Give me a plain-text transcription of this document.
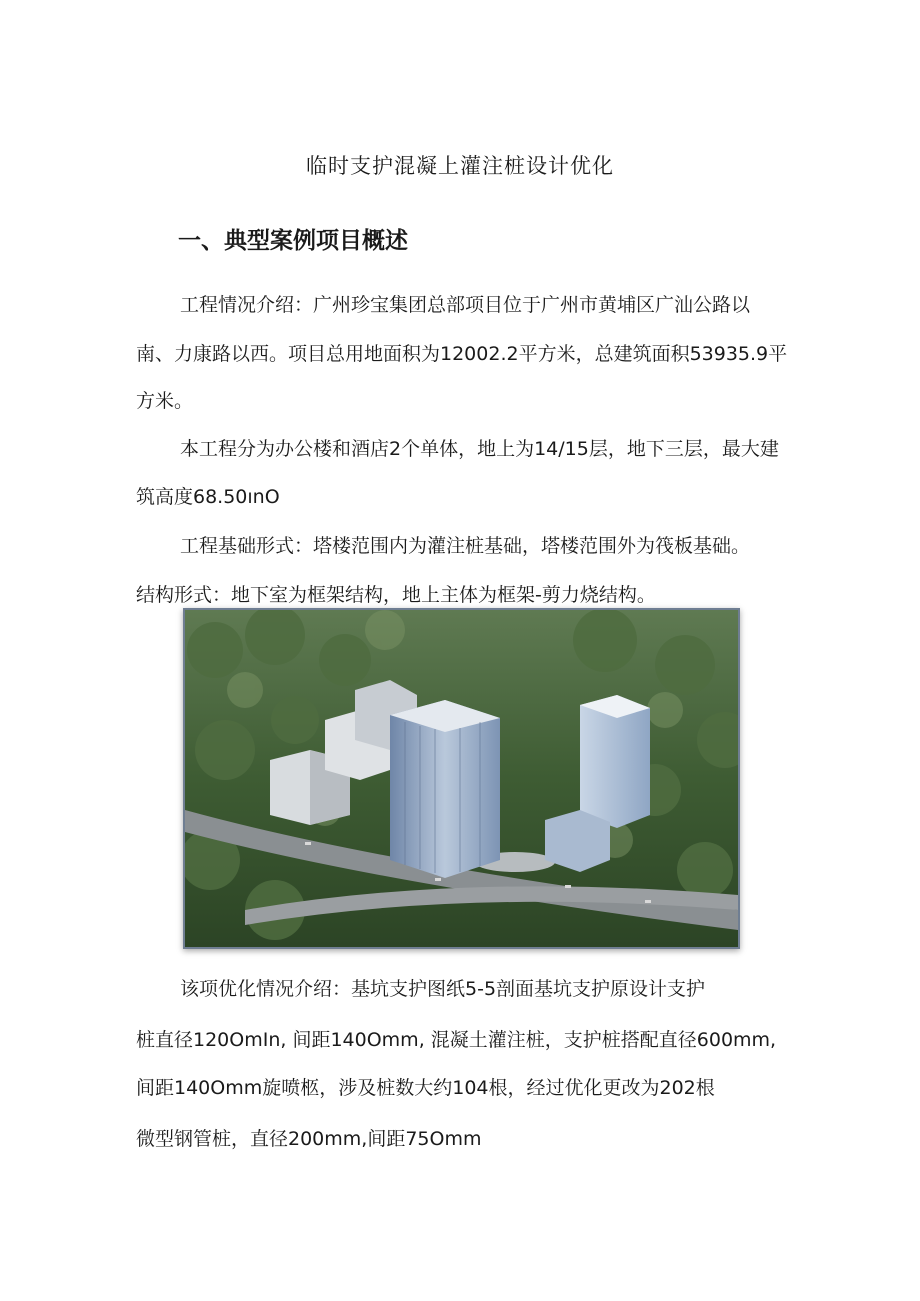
临时支护混凝上灌注桩设计优化
一、典型案例项目概述
工程情况介绍：广州珍宝集团总部项目位于广州市黄埔区广汕公路以
南、力康路以西。项目总用地面积为12002.2平方米，总建筑面积53935.9平
方米。
本工程分为办公楼和酒店2个单体，地上为14/15层，地下三层，最大建
筑高度68.50ınO
工程基础形式：塔楼范围内为灌注桩基础，塔楼范围外为筏板基础。
结构形式：地下室为框架结构，地上主体为框架-剪力烧结构。
该项优化情况介绍：基坑支护图纸5-5剖面基坑支护原设计支护
桩直径120OmIn, 间距140Omm, 混凝土灌注桩，支护桩搭配直径600mm,
间距140Omm旋喷柩，涉及桩数大约104根，经过优化更改为202根
微型钢管桩，直径200mm,间距75Omm
